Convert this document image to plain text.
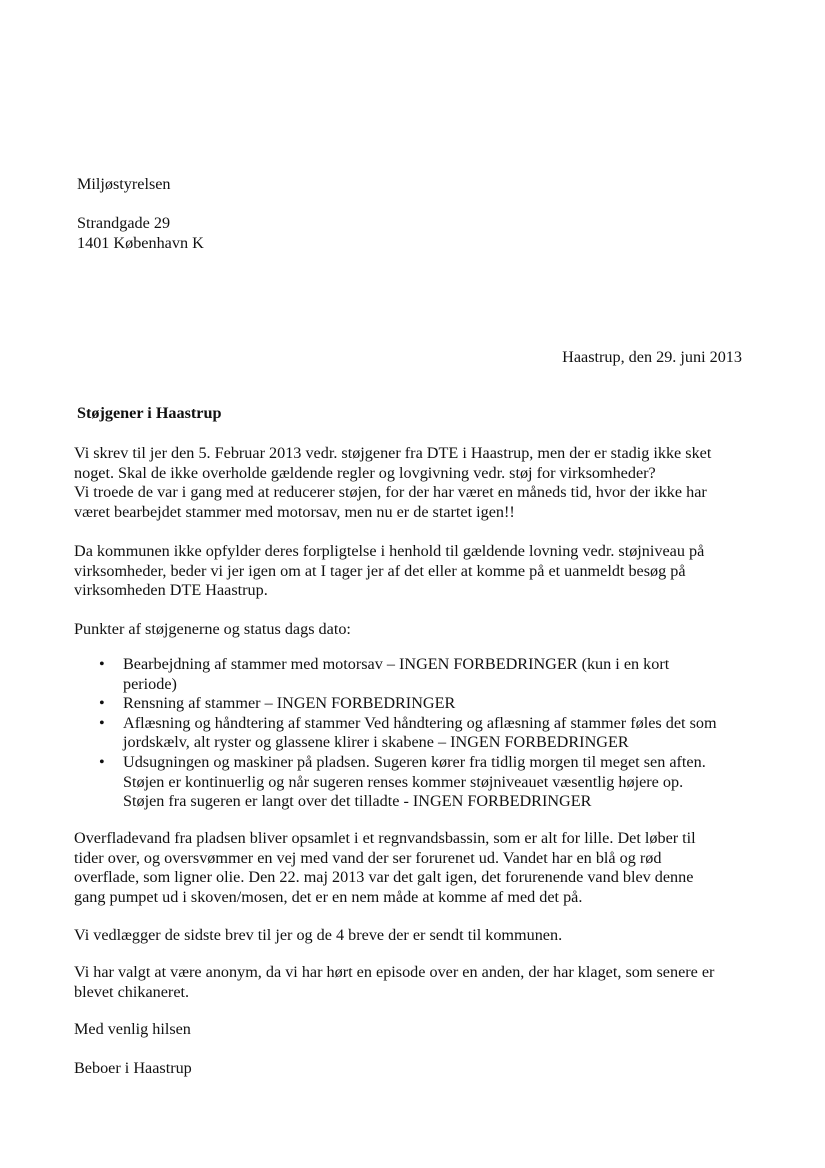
Miljøstyrelsen
Strandgade 29
1401 København K
Haastrup, den 29. juni 2013
Støjgener i Haastrup
Vi skrev til jer den 5. Februar 2013 vedr. støjgener fra DTE i Haastrup, men der er stadig ikke sket
noget. Skal de ikke overholde gældende regler og lovgivning vedr. støj for virksomheder?
Vi troede de var i gang med at reducerer støjen, for der har været en måneds tid, hvor der ikke har
været bearbejdet stammer med motorsav, men nu er de startet igen!!
Da kommunen ikke opfylder deres forpligtelse i henhold til gældende lovning vedr. støjniveau på
virksomheder, beder vi jer igen om at I tager jer af det eller at komme på et uanmeldt besøg på
virksomheden DTE Haastrup.
Punkter af støjgenerne og status dags dato:
• Bearbejdning af stammer med motorsav – INGEN FORBEDRINGER (kun i en kort
periode)
• Rensning af stammer – INGEN FORBEDRINGER
• Aflæsning og håndtering af stammer Ved håndtering og aflæsning af stammer føles det som
jordskælv, alt ryster og glassene klirer i skabene – INGEN FORBEDRINGER
• Udsugningen og maskiner på pladsen. Sugeren kører fra tidlig morgen til meget sen aften.
Støjen er kontinuerlig og når sugeren renses kommer støjniveauet væsentlig højere op.
Støjen fra sugeren er langt over det tilladte - INGEN FORBEDRINGER
Overfladevand fra pladsen bliver opsamlet i et regnvandsbassin, som er alt for lille. Det løber til
tider over, og oversvømmer en vej med vand der ser forurenet ud. Vandet har en blå og rød
overflade, som ligner olie. Den 22. maj 2013 var det galt igen, det forurenende vand blev denne
gang pumpet ud i skoven/mosen, det er en nem måde at komme af med det på.
Vi vedlægger de sidste brev til jer og de 4 breve der er sendt til kommunen.
Vi har valgt at være anonym, da vi har hørt en episode over en anden, der har klaget, som senere er
blevet chikaneret.
Med venlig hilsen
Beboer i Haastrup
